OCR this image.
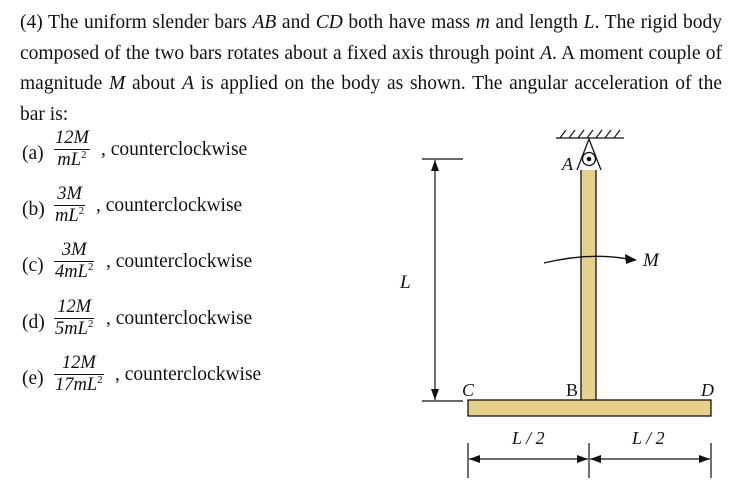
(4) The uniform slender bars AB and CD both have mass m and length L. The rigid body composed of the two bars rotates about a fixed axis through point A. A moment couple of magnitude M about A is applied on the body as shown. The angular acceleration of the bar is:
$(a) \frac{12M}{mL^2}$ , counterclockwise
$(b) \frac{3M}{mL^2}$ , counterclockwise
$(c) \frac{3M}{4mL^2}$ , counterclockwise
$(d) \frac{12M}{5mL^2}$ , counterclockwise
$(e) \frac{12M}{17mL^2}$ , counterclockwise
A
B
C	D
M
L
L / 2	L / 2
